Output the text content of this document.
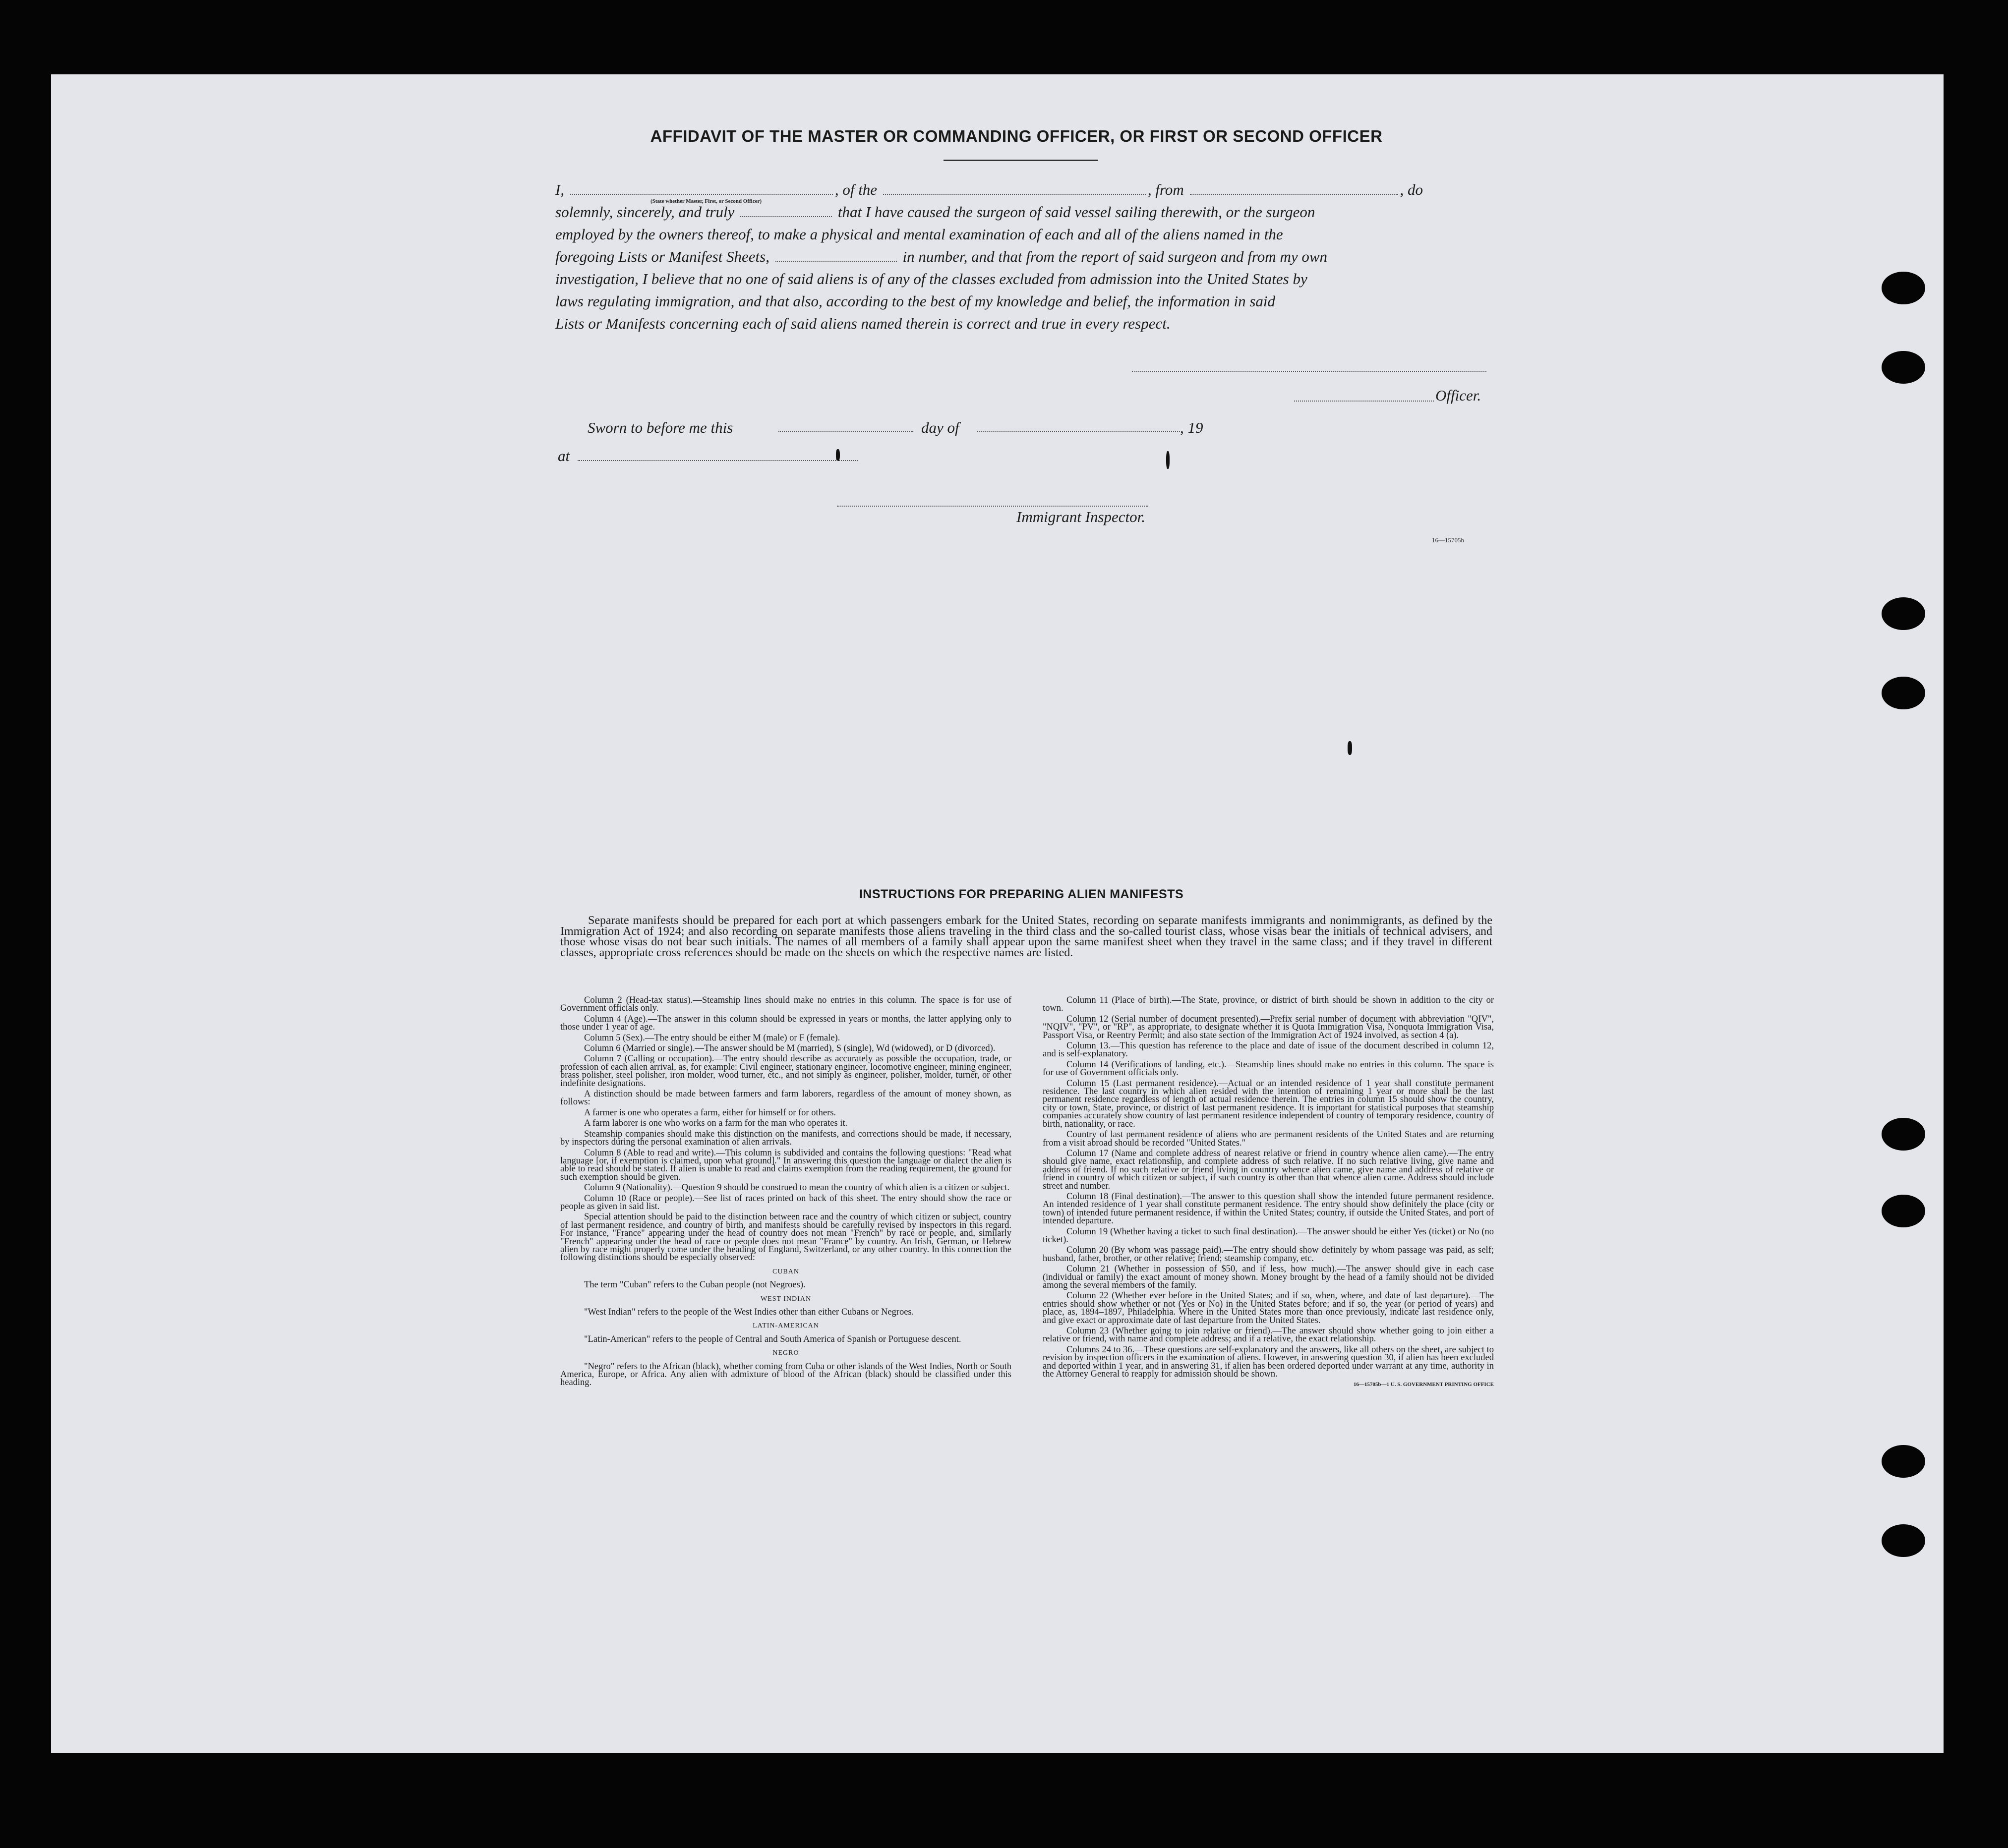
AFFIDAVIT OF THE MASTER OR COMMANDING OFFICER, OR FIRST OR SECOND OFFICER

I,	, of the	, from	, do

solemnly, sincerely, and truly	that I have caused the surgeon of said vessel sailing therewith, or the surgeon

employed by the owners thereof, to make a physical and mental examination of each and all of the aliens named in the

foregoing Lists or Manifest Sheets,	in number, and that from the report of said surgeon and from my own

investigation, I believe that no one of said aliens is of any of the classes excluded from admission into the United States by

laws regulating immigration, and that also, according to the best of my knowledge and belief, the information in said

Lists or Manifests concerning each of said aliens named therein is correct and true in every respect.

(State whether Master, First, or Second Officer)
Officer.
Sworn to before me this	day of	, 19
at
Immigrant Inspector.
16—15705b
INSTRUCTIONS FOR PREPARING ALIEN MANIFESTS
Separate manifests should be prepared for each port at which passengers embark for the United States, recording on separate manifests immigrants and nonimmigrants, as defined by the Immigration Act of 1924; and also recording on separate manifests those aliens traveling in the third class and the so-called tourist class, whose visas bear the initials of technical advisers, and those whose visas do not bear such initials. The names of all members of a family shall appear upon the same manifest sheet when they travel in the same class; and if they travel in different classes, appropriate cross references should be made on the sheets on which the respective names are listed.

Column 2 (Head-tax status).—Steamship lines should make no entries in this column. The space is for use of Government officials only.

Column 4 (Age).—The answer in this column should be expressed in years or months, the latter applying only to those under 1 year of age.

Column 5 (Sex).—The entry should be either M (male) or F (female).

Column 6 (Married or single).—The answer should be M (married), S (single), Wd (widowed), or D (divorced).

Column 7 (Calling or occupation).—The entry should describe as accurately as possible the occupation, trade, or profession of each alien arrival, as, for example: Civil engineer, stationary engineer, locomotive engineer, mining engineer, brass polisher, steel polisher, iron molder, wood turner, etc., and not simply as engineer, polisher, molder, turner, or other indefinite designations.

A distinction should be made between farmers and farm laborers, regardless of the amount of money shown, as follows:

A farmer is one who operates a farm, either for himself or for others.

A farm laborer is one who works on a farm for the man who operates it.

Steamship companies should make this distinction on the manifests, and corrections should be made, if necessary, by inspectors during the personal examination of alien arrivals.

Column 8 (Able to read and write).—This column is subdivided and contains the following questions: "Read what language [or, if exemption is claimed, upon what ground]." In answering this question the language or dialect the alien is able to read should be stated. If alien is unable to read and claims exemption from the reading requirement, the ground for such exemption should be given.

Column 9 (Nationality).—Question 9 should be construed to mean the country of which alien is a citizen or subject.

Column 10 (Race or people).—See list of races printed on back of this sheet. The entry should show the race or people as given in said list.

Special attention should be paid to the distinction between race and the country of which citizen or subject, country of last permanent residence, and country of birth, and manifests should be carefully revised by inspectors in this regard. For instance, "France" appearing under the head of country does not mean "French" by race or people, and, similarly "French" appearing under the head of race or people does not mean "France" by country. An Irish, German, or Hebrew alien by race might properly come under the heading of England, Switzerland, or any other country. In this connection the following distinctions should be especially observed:

CUBAN

The term "Cuban" refers to the Cuban people (not Negroes).

WEST INDIAN

"West Indian" refers to the people of the West Indies other than either Cubans or Negroes.

LATIN-AMERICAN

"Latin-American" refers to the people of Central and South America of Spanish or Portuguese descent.

NEGRO

"Negro" refers to the African (black), whether coming from Cuba or other islands of the West Indies, North or South America, Europe, or Africa. Any alien with admixture of blood of the African (black) should be classified under this heading.

Column 11 (Place of birth).—The State, province, or district of birth should be shown in addition to the city or town.

Column 12 (Serial number of document presented).—Prefix serial number of document with abbreviation "QIV", "NQIV", "PV", or "RP", as appropriate, to designate whether it is Quota Immigration Visa, Nonquota Immigration Visa, Passport Visa, or Reentry Permit; and also state section of the Immigration Act of 1924 involved, as section 4 (a).

Column 13.—This question has reference to the place and date of issue of the document described in column 12, and is self-explanatory.

Column 14 (Verifications of landing, etc.).—Steamship lines should make no entries in this column. The space is for use of Government officials only.

Column 15 (Last permanent residence).—Actual or an intended residence of 1 year shall constitute permanent residence. The last country in which alien resided with the intention of remaining 1 year or more shall be the last permanent residence regardless of length of actual residence therein. The entries in column 15 should show the country, city or town, State, province, or district of last permanent residence. It is important for statistical purposes that steamship companies accurately show country of last permanent residence independent of country of temporary residence, country of birth, nationality, or race.

Country of last permanent residence of aliens who are permanent residents of the United States and are returning from a visit abroad should be recorded "United States."

Column 17 (Name and complete address of nearest relative or friend in country whence alien came).—The entry should give name, exact relationship, and complete address of such relative. If no such relative living, give name and address of friend. If no such relative or friend living in country whence alien came, give name and address of relative or friend in country of which citizen or subject, if such country is other than that whence alien came. Address should include street and number.

Column 18 (Final destination).—The answer to this question shall show the intended future permanent residence. An intended residence of 1 year shall constitute permanent residence. The entry should show definitely the place (city or town) of intended future permanent residence, if within the United States; country, if outside the United States, and port of intended departure.

Column 19 (Whether having a ticket to such final destination).—The answer should be either Yes (ticket) or No (no ticket).

Column 20 (By whom was passage paid).—The entry should show definitely by whom passage was paid, as self; husband, father, brother, or other relative; friend; steamship company, etc.

Column 21 (Whether in possession of $50, and if less, how much).—The answer should give in each case (individual or family) the exact amount of money shown. Money brought by the head of a family should not be divided among the several members of the family.

Column 22 (Whether ever before in the United States; and if so, when, where, and date of last departure).—The entries should show whether or not (Yes or No) in the United States before; and if so, the year (or period of years) and place, as, 1894–1897, Philadelphia. Where in the United States more than once previously, indicate last residence only, and give exact or approximate date of last departure from the United States.

Column 23 (Whether going to join relative or friend).—The answer should show whether going to join either a relative or friend, with name and complete address; and if a relative, the exact relationship.

Columns 24 to 36.—These questions are self-explanatory and the answers, like all others on the sheet, are subject to revision by inspection officers in the examination of aliens. However, in answering question 30, if alien has been excluded and deported within 1 year, and in answering 31, if alien has been ordered deported under warrant at any time, authority in the Attorney General to reapply for admission should be shown.

16—15705b—1 U. S. GOVERNMENT PRINTING OFFICE
